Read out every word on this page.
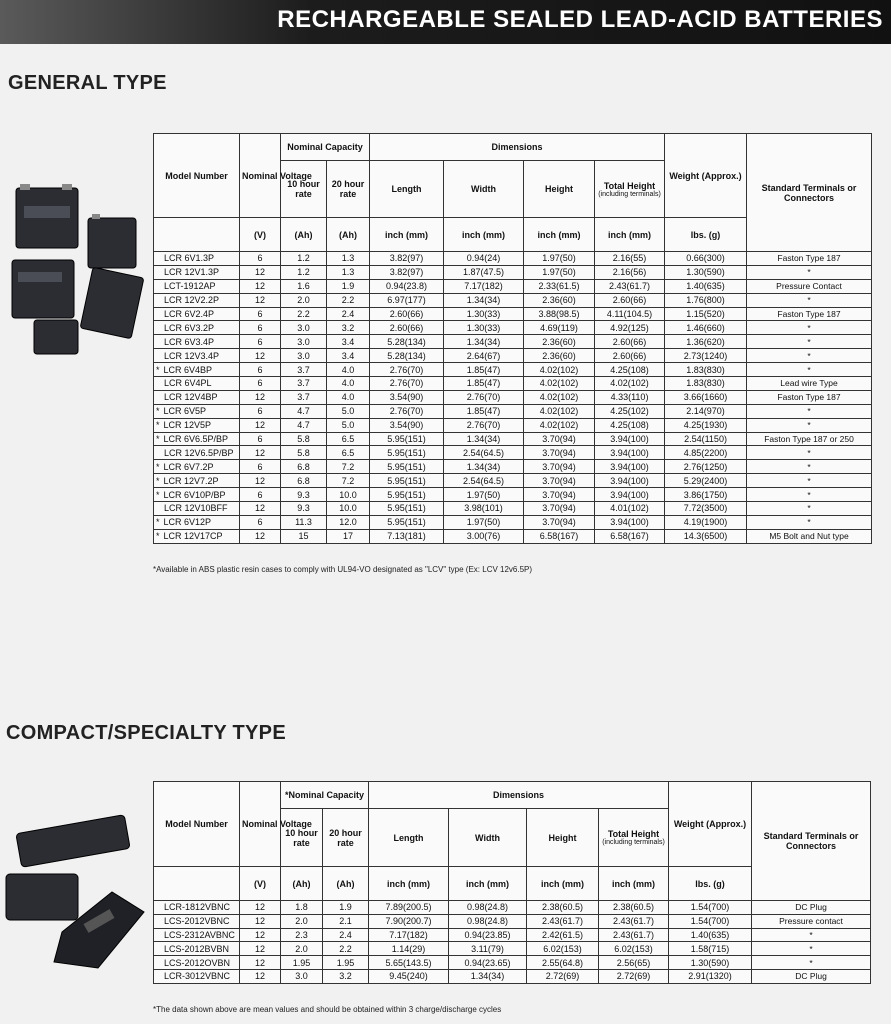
RECHARGEABLE SEALED LEAD-ACID BATTERIES
GENERAL TYPE
COMPACT/SPECIALTY TYPE
Model Number	Nominal Voltage	Nominal Capacity		Dimensions				Weight (Approx.)	Standard Terminals or Connectors
		10 hour rate	20 hour rate	Length	Width	Height	Total Height
(including terminals)		

	(V)	(Ah)	(Ah)	inch (mm)	inch (mm)	inch (mm)	inch (mm)	lbs. (g)	
LCR 6V1.3P	6	1.2	1.3	3.82(97)	0.94(24)	1.97(50)	2.16(55)	0.66(300)	Faston Type 187
LCR 12V1.3P	12	1.2	1.3	3.82(97)	1.87(47.5)	1.97(50)	2.16(56)	1.30(590)	*
LCT-1912AP	12	1.6	1.9	0.94(23.8)	7.17(182)	2.33(61.5)	2.43(61.7)	1.40(635)	Pressure Contact
LCR 12V2.2P	12	2.0	2.2	6.97(177)	1.34(34)	2.36(60)	2.60(66)	1.76(800)	*
LCR 6V2.4P	6	2.2	2.4	2.60(66)	1.30(33)	3.88(98.5)	4.11(104.5)	1.15(520)	Faston Type 187
LCR 6V3.2P	6	3.0	3.2	2.60(66)	1.30(33)	4.69(119)	4.92(125)	1.46(660)	*
LCR 6V3.4P	6	3.0	3.4	5.28(134)	1.34(34)	2.36(60)	2.60(66)	1.36(620)	*
LCR 12V3.4P	12	3.0	3.4	5.28(134)	2.64(67)	2.36(60)	2.60(66)	2.73(1240)	*
* LCR 6V4BP	6	3.7	4.0	2.76(70)	1.85(47)	4.02(102)	4.25(108)	1.83(830)	*
LCR 6V4PL	6	3.7	4.0	2.76(70)	1.85(47)	4.02(102)	4.02(102)	1.83(830)	Lead wire Type
LCR 12V4BP	12	3.7	4.0	3.54(90)	2.76(70)	4.02(102)	4.33(110)	3.66(1660)	Faston Type 187
* LCR 6V5P	6	4.7	5.0	2.76(70)	1.85(47)	4.02(102)	4.25(102)	2.14(970)	*
* LCR 12V5P	12	4.7	5.0	3.54(90)	2.76(70)	4.02(102)	4.25(108)	4.25(1930)	*
* LCR 6V6.5P/BP	6	5.8	6.5	5.95(151)	1.34(34)	3.70(94)	3.94(100)	2.54(1150)	Faston Type 187 or 250
LCR 12V6.5P/BP	12	5.8	6.5	5.95(151)	2.54(64.5)	3.70(94)	3.94(100)	4.85(2200)	*
* LCR 6V7.2P	6	6.8	7.2	5.95(151)	1.34(34)	3.70(94)	3.94(100)	2.76(1250)	*
* LCR 12V7.2P	12	6.8	7.2	5.95(151)	2.54(64.5)	3.70(94)	3.94(100)	5.29(2400)	*
* LCR 6V10P/BP	6	9.3	10.0	5.95(151)	1.97(50)	3.70(94)	3.94(100)	3.86(1750)	*
LCR 12V10BFF	12	9.3	10.0	5.95(151)	3.98(101)	3.70(94)	4.01(102)	7.72(3500)	*
* LCR 6V12P	6	11.3	12.0	5.95(151)	1.97(50)	3.70(94)	3.94(100)	4.19(1900)	*
* LCR 12V17CP	12	15	17	7.13(181)	3.00(76)	6.58(167)	6.58(167)	14.3(6500)	M5 Bolt and Nut type
*Available in ABS plastic resin cases to comply with UL94-VO designated as "LCV" type (Ex: LCV 12v6.5P)
Model Number	Nominal Voltage	*Nominal Capacity		Dimensions				Weight (Approx.)	Standard Terminals or Connectors
		10 hour rate	20 hour rate	Length	Width	Height	Total Height
(including terminals)		

	(V)	(Ah)	(Ah)	inch (mm)	inch (mm)	inch (mm)	inch (mm)	lbs. (g)	
LCR-1812VBNC	12	1.8	1.9	7.89(200.5)	0.98(24.8)	2.38(60.5)	2.38(60.5)	1.54(700)	DC Plug
LCS-2012VBNC	12	2.0	2.1	7.90(200.7)	0.98(24.8)	2.43(61.7)	2.43(61.7)	1.54(700)	Pressure contact
LCS-2312AVBNC	12	2.3	2.4	7.17(182)	0.94(23.85)	2.42(61.5)	2.43(61.7)	1.40(635)	*
LCS-2012BVBN	12	2.0	2.2	1.14(29)	3.11(79)	6.02(153)	6.02(153)	1.58(715)	*
LCS-2012OVBN	12	1.95	1.95	5.65(143.5)	0.94(23.65)	2.55(64.8)	2.56(65)	1.30(590)	*
LCR-3012VBNC	12	3.0	3.2	9.45(240)	1.34(34)	2.72(69)	2.72(69)	2.91(1320)	DC Plug
*The data shown above are mean values and should be obtained within 3 charge/discharge cycles
